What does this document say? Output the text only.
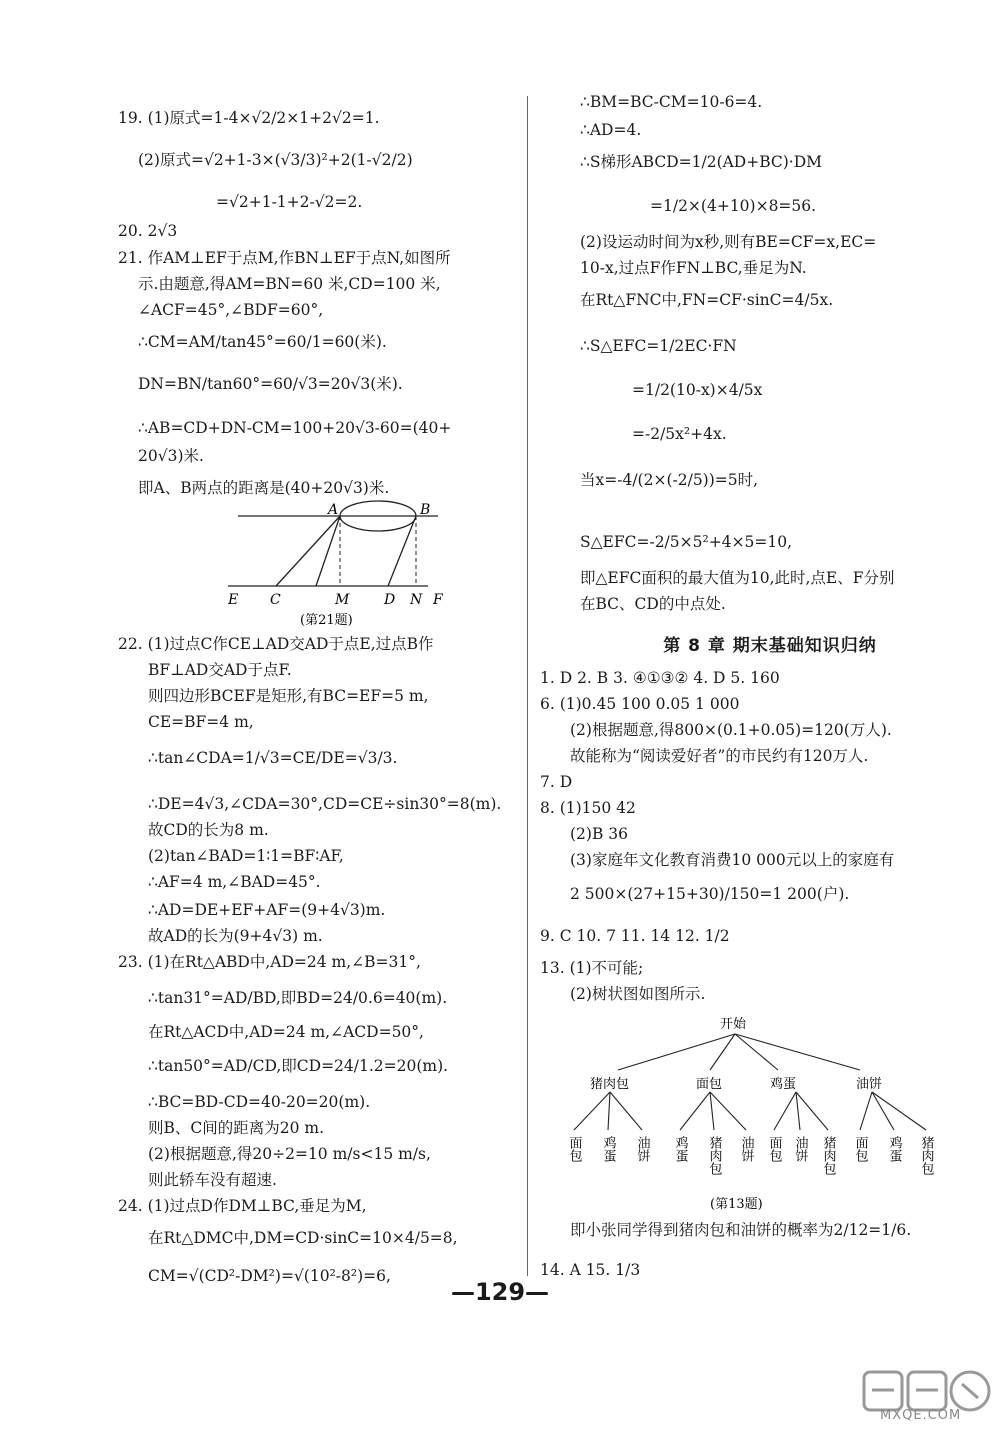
19. (1)原式=1-4×√2/2×1+2√2=1.
(2)原式=√2+1-3×(√3/3)²+2(1-√2/2)
=√2+1-1+2-√2=2.
20. 2√3
21. 作AM⊥EF于点M,作BN⊥EF于点N,如图所
示.由题意,得AM=BN=60 米,CD=100 米,
∠ACF=45°,∠BDF=60°,
∴CM=AM/tan45°=60/1=60(米).
DN=BN/tan60°=60/√3=20√3(米).
∴AB=CD+DN-CM=100+20√3-60=(40+
20√3)米.
即A、B两点的距离是(40+20√3)米.
A	B
E C	M D N F
(第21题)
22. (1)过点C作CE⊥AD交AD于点E,过点B作
BF⊥AD交AD于点F.
则四边形BCEF是矩形,有BC=EF=5 m,
CE=BF=4 m,
∴tan∠CDA=1/√3=CE/DE=√3/3.
∴DE=4√3,∠CDA=30°,CD=CE÷sin30°=8(m).
故CD的长为8 m.
(2)tan∠BAD=1∶1=BF∶AF,
∴AF=4 m,∠BAD=45°.
∴AD=DE+EF+AF=(9+4√3)m.
故AD的长为(9+4√3) m.
23. (1)在Rt△ABD中,AD=24 m,∠B=31°,
∴tan31°=AD/BD,即BD=24/0.6=40(m).
在Rt△ACD中,AD=24 m,∠ACD=50°,
∴tan50°=AD/CD,即CD=24/1.2=20(m).
∴BC=BD-CD=40-20=20(m).
则B、C间的距离为20 m.
(2)根据题意,得20÷2=10 m/s<15 m/s,
则此轿车没有超速.
24. (1)过点D作DM⊥BC,垂足为M,
在Rt△DMC中,DM=CD·sinC=10×4/5=8,
CM=√(CD²-DM²)=√(10²-8²)=6,
∴BM=BC-CM=10-6=4.
∴AD=4.
∴S梯形ABCD=1/2(AD+BC)·DM
=1/2×(4+10)×8=56.
(2)设运动时间为x秒,则有BE=CF=x,EC=
10-x,过点F作FN⊥BC,垂足为N.
在Rt△FNC中,FN=CF·sinC=4/5x.
∴S△EFC=1/2EC·FN
=1/2(10-x)×4/5x
=-2/5x²+4x.
当x=-4/(2×(-2/5))=5时,
S△EFC=-2/5×5²+4×5=10,
即△EFC面积的最大值为10,此时,点E、F分别
在BC、CD的中点处.
第 8 章 期末基础知识归纳
1. D 2. B 3. ④①③② 4. D 5. 160
6. (1)0.45 100 0.05 1 000
(2)根据题意,得800×(0.1+0.05)=120(万人).
故能称为“阅读爱好者”的市民约有120万人.
7. D
8. (1)150 42
(2)B 36
(3)家庭年文化教育消费10 000元以上的家庭有
2 500×(27+15+30)/150=1 200(户).
9. C 10. 7 11. 14 12. 1/2
13. (1)不可能;
(2)树状图如图所示.
开始
猪肉包	面包	鸡蛋	油饼
面包 鸡蛋 油饼 鸡蛋 猪肉包 油饼 面包 油饼 猪肉包 面包 鸡蛋 猪肉包
(第13题)
即小张同学得到猪肉包和油饼的概率为2/12=1/6.
14. A 15. 1/3
—129—
MXQE.COM
